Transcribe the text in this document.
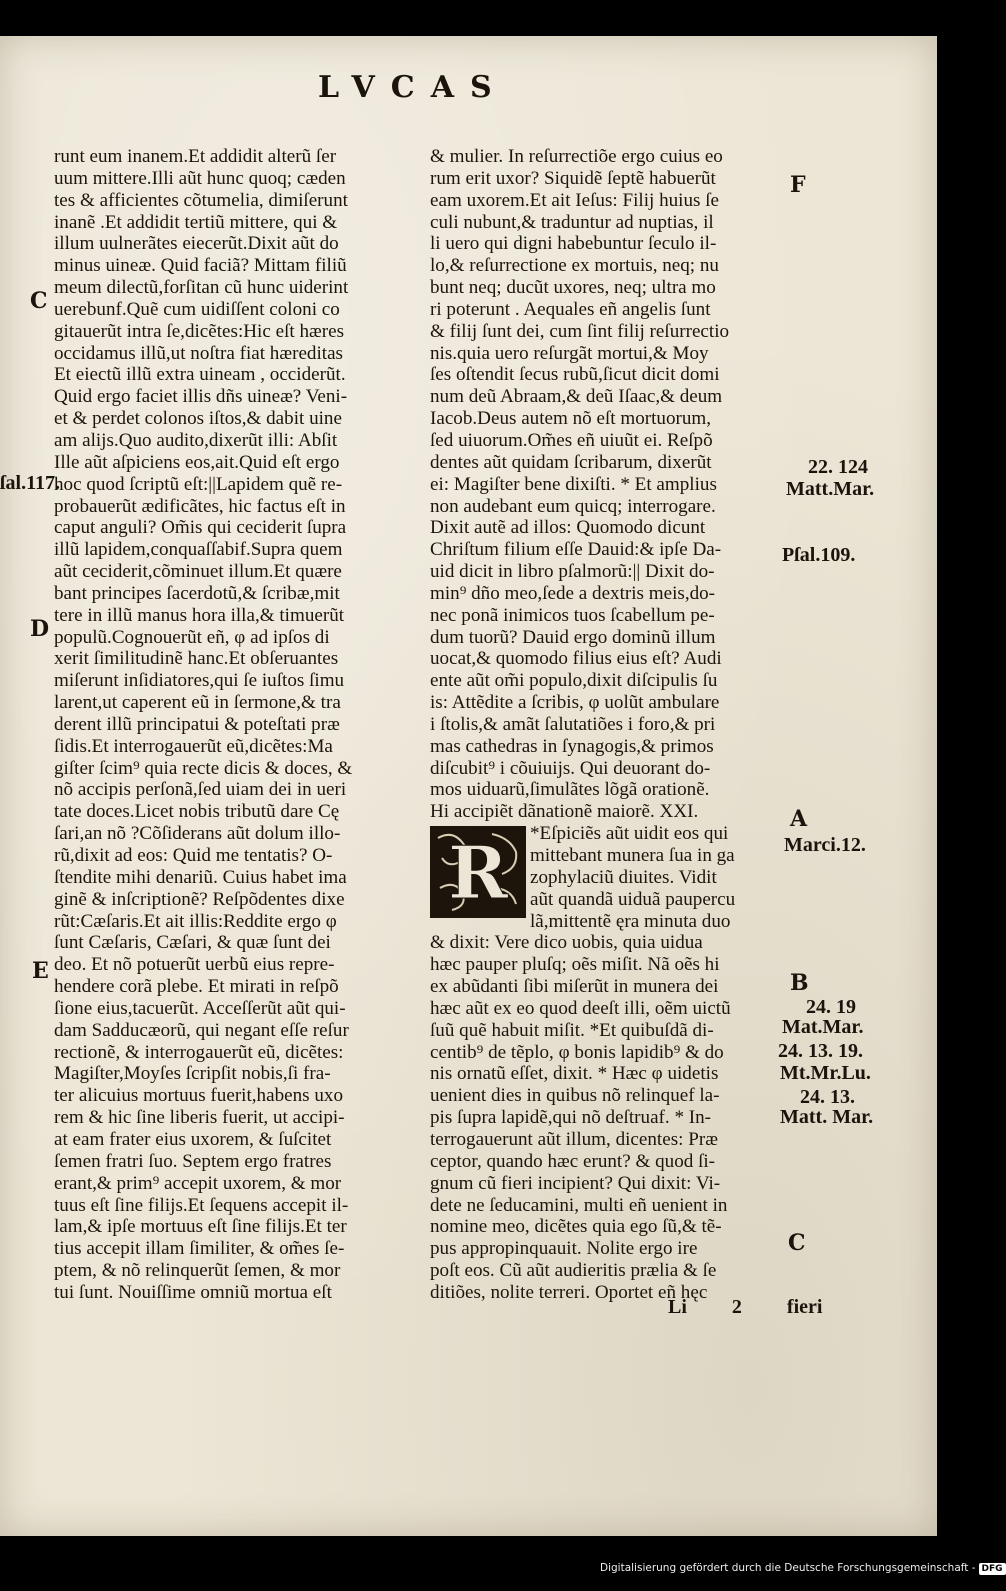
LVCAS
runt eum inanem.Et addidit alterũ ſer
uum mittere.Illi aũt hunc quoq; cæden
tes & afficientes cõtumelia, dimiſerunt
inanẽ .Et addidit tertiũ mittere, qui &
illum uulnerãtes eiecerũt.Dixit aũt do
minus uineæ. Quid faciã? Mittam filiũ
meum dilectũ,forſitan cũ hunc uiderint
uerebunf.Quẽ cum uidiſſent coloni co
gitauerũt intra ſe,dicẽtes:Hic eſt hæres
occidamus illũ,ut noſtra fiat hæreditas
Et eiectũ illũ extra uineam , occiderũt.
Quid ergo faciet illis dñs uineæ? Veni-
et & perdet colonos iſtos,& dabit uine
am alijs.Quo audito,dixerũt illi: Abſit
Ille aũt aſpiciens eos,ait.Quid eſt ergo
hoc quod ſcriptũ eſt:||Lapidem quẽ re-
probauerũt ædificãtes, hic factus eſt in
caput anguli? Om̃is qui ceciderit ſupra
illũ lapidem,conquaſſabif.Supra quem
aũt ceciderit,cõminuet illum.Et quære
bant principes ſacerdotũ,& ſcribæ,mit
tere in illũ manus hora illa,& timuerũt
populũ.Cognouerũt eñ, φ ad ipſos di
xerit ſimilitudinẽ hanc.Et obſeruantes
miſerunt inſidiatores,qui ſe iuſtos ſimu
larent,ut caperent eũ in ſermone,& tra
derent illũ principatui & poteſtati præ
ſidis.Et interrogauerũt eũ,dicẽtes:Ma
giſter ſcim⁹ quia recte dicis & doces, &
nõ accipis perſonã,ſed uiam dei in ueri
tate doces.Licet nobis tributũ dare Cę
ſari,an nõ ?Cõſiderans aũt dolum illo-
rũ,dixit ad eos: Quid me tentatis? O-
ſtendite mihi denariũ. Cuius habet ima
ginẽ & inſcriptionẽ? Reſpõdentes dixe
rũt:Cæſaris.Et ait illis:Reddite ergo φ
ſunt Cæſaris, Cæſari, & quæ ſunt dei
deo. Et nõ potuerũt uerbũ eius repre-
hendere corã plebe. Et mirati in reſpõ
ſione eius,tacuerũt. Acceſſerũt aũt qui-
dam Sadducæorũ, qui negant eſſe reſur
rectionẽ, & interrogauerũt eũ, dicẽtes:
Magiſter,Moyſes ſcripſit nobis,ſi fra-
ter alicuius mortuus fuerit,habens uxo
rem & hic ſine liberis fuerit, ut accipi-
at eam frater eius uxorem, & ſuſcitet
ſemen fratri ſuo. Septem ergo fratres
erant,& prim⁹ accepit uxorem, & mor
tuus eſt ſine filijs.Et ſequens accepit il-
lam,& ipſe mortuus eſt ſine filijs.Et ter
tius accepit illam ſimiliter, & om̃es ſe-
ptem, & nõ relinquerũt ſemen, & mor
tui ſunt. Nouiſſime omniũ mortua eſt
& mulier. In reſurrectiõe ergo cuius eo
rum erit uxor? Siquidẽ ſeptẽ habuerũt
eam uxorem.Et ait Ieſus: Filij huius ſe
culi nubunt,& traduntur ad nuptias, il
li uero qui digni habebuntur ſeculo il-
lo,& reſurrectione ex mortuis, neq; nu
bunt neq; ducũt uxores, neq; ultra mo
ri poterunt . Aequales eñ angelis ſunt
& filij ſunt dei, cum ſint filij reſurrectio
nis.quia uero reſurgãt mortui,& Moy
ſes oſtendit ſecus rubũ,ſicut dicit domi
num deũ Abraam,& deũ Iſaac,& deum
Iacob.Deus autem nõ eſt mortuorum,
ſed uiuorum.Om̃es eñ uiuũt ei. Reſpõ
dentes aũt quidam ſcribarum, dixerũt
ei: Magiſter bene dixiſti. * Et amplius
non audebant eum quicq; interrogare.
Dixit autẽ ad illos: Quomodo dicunt
Chriſtum filium eſſe Dauid:& ipſe Da-
uid dicit in libro pſalmorũ:|| Dixit do-
min⁹ dño meo,ſede a dextris meis,do-
nec ponã inimicos tuos ſcabellum pe-
dum tuorũ? Dauid ergo dominũ illum
uocat,& quomodo filius eius eſt? Audi
ente aũt om̃i populo,dixit diſcipulis ſu
is: Attẽdite a ſcribis, φ uolũt ambulare
i ſtolis,& amãt ſalutatiões i foro,& pri
mas cathedras in ſynagogis,& primos
diſcubit⁹ i cõuiuijs. Qui deuorant do-
mos uiduarũ,ſimulãtes lõgã orationẽ.
Hi accipiẽt dãnationẽ maiorẽ. XXI.
*Eſpiciẽs aũt uidit eos qui
mittebant munera ſua in ga
zophylaciũ diuites. Vidit
aũt quandã uiduã paupercu
lã,mittentẽ ęra minuta duo
& dixit: Vere dico uobis, quia uidua
hæc pauper pluſq; oẽs miſit. Nã oẽs hi
ex abũdanti ſibi miſerũt in munera dei
hæc aũt ex eo quod deeſt illi, oẽm uictũ
ſuũ quẽ habuit miſit. *Et quibuſdã di-
centib⁹ de tẽplo, φ bonis lapidib⁹ & do
nis ornatũ eſſet, dixit. * Hæc φ uidetis
uenient dies in quibus nõ relinquef la-
pis ſupra lapidẽ,qui nõ deſtruaf. * In-
terrogauerunt aũt illum, dicentes: Præ
ceptor, quando hæc erunt? & quod ſi-
gnum cũ fieri incipient? Qui dixit: Vi-
dete ne ſeducamini, multi eñ uenient in
nomine meo, dicẽtes quia ego ſũ,& tẽ-
pus appropinquauit. Nolite ergo ire
poſt eos. Cũ aũt audieritis prælia & ſe
ditiões, nolite terreri. Oportet eñ hęc
R
C
D
E
F
A
B
C
ſal.117.
22. 124
Matt.Mar.
Pſal.109.
Marci.12.
24. 19
Mat.Mar.
24. 13. 19.
Mt.Mr.Lu.
24. 13.
Matt. Mar.
Li 2 fieri
Digitalisierung gefördert durch die Deutsche Forschungsgemeinschaft - DFG
